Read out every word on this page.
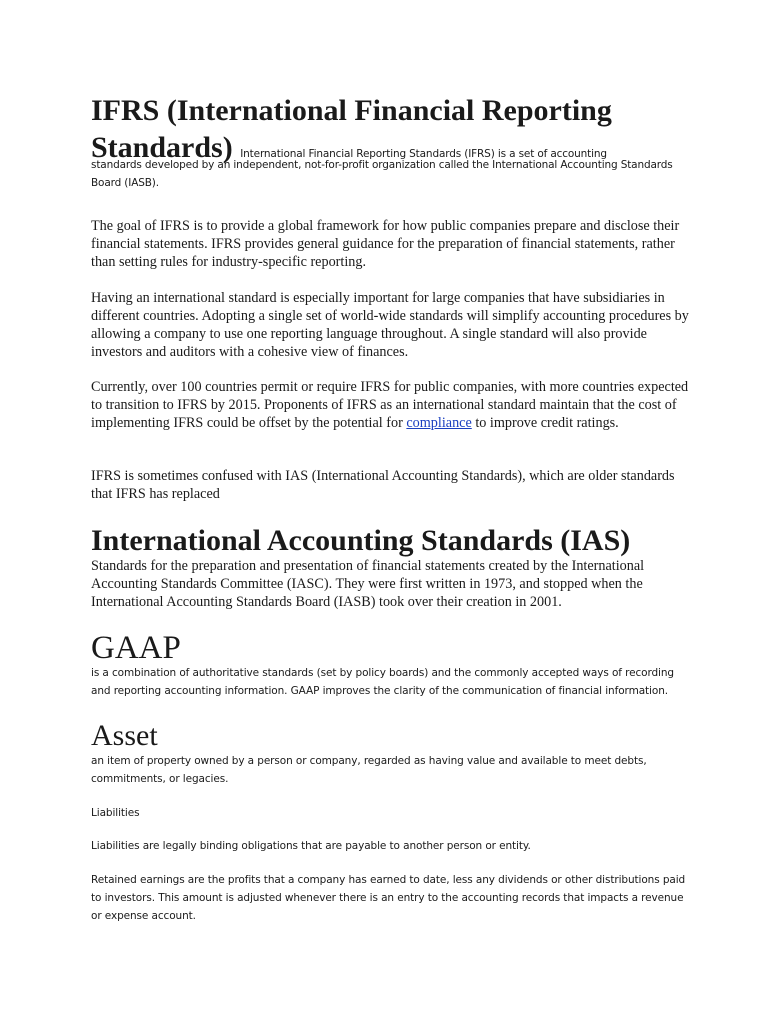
IFRS (International Financial Reporting
Standards) International Financial Reporting Standards (IFRS) is a set of accounting
standards developed by an independent, not-for-profit organization called the International Accounting Standards Board (IASB).

The goal of IFRS is to provide a global framework for how public companies prepare and disclose their financial statements. IFRS provides general guidance for the preparation of financial statements, rather than setting rules for industry-specific reporting.

Having an international standard is especially important for large companies that have subsidiaries in different countries. Adopting a single set of world-wide standards will simplify accounting procedures by allowing a company to use one reporting language throughout. A single standard will also provide investors and auditors with a cohesive view of finances.

Currently, over 100 countries permit or require IFRS for public companies, with more countries expected to transition to IFRS by 2015. Proponents of IFRS as an international standard maintain that the cost of implementing IFRS could be offset by the potential for compliance to improve credit ratings.

IFRS is sometimes confused with IAS (International Accounting Standards), which are older standards that IFRS has replaced

International Accounting Standards (IAS)

Standards for the preparation and presentation of financial statements created by the International Accounting Standards Committee (IASC). They were first written in 1973, and stopped when the International Accounting Standards Board (IASB) took over their creation in 2001.

GAAP

is a combination of authoritative standards (set by policy boards) and the commonly accepted ways of recording and reporting accounting information. GAAP improves the clarity of the communication of financial information.

Asset

an item of property owned by a person or company, regarded as having value and available to meet debts, commitments, or legacies.

Liabilities

Liabilities are legally binding obligations that are payable to another person or entity.

Retained earnings are the profits that a company has earned to date, less any dividends or other distributions paid to investors. This amount is adjusted whenever there is an entry to the accounting records that impacts a revenue or expense account.
